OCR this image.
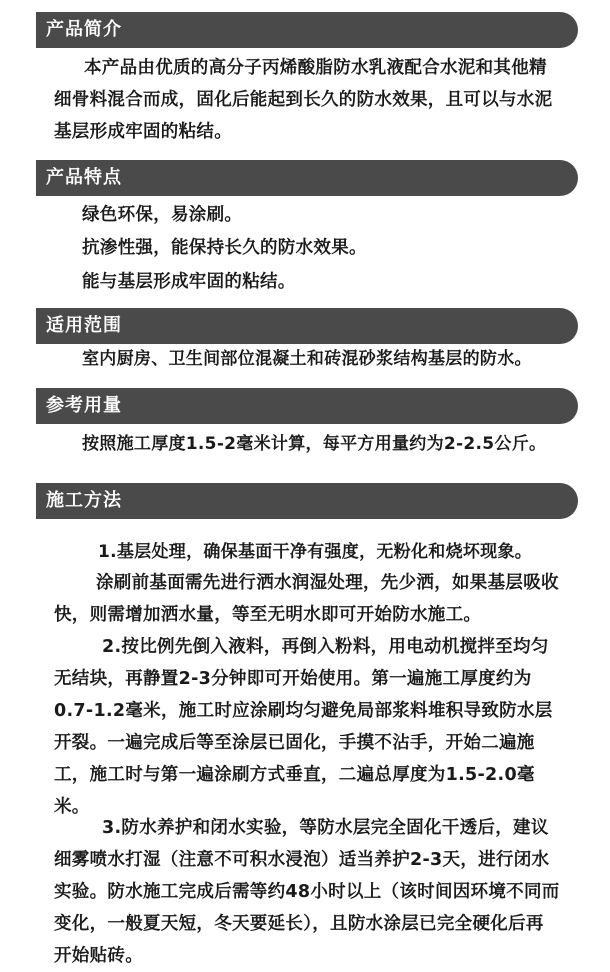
产品简介
本产品由优质的高分子丙烯酸脂防水乳液配合水泥和其他精细骨料混合而成，固化后能起到长久的防水效果，且可以与水泥基层形成牢固的粘结。
产品特点
绿色环保，易涂刷。
抗渗性强，能保持长久的防水效果。
能与基层形成牢固的粘结。
适用范围
室内厨房、卫生间部位混凝土和砖混砂浆结构基层的防水。
参考用量
按照施工厚度1.5-2毫米计算，每平方用量约为2-2.5公斤。
施工方法
1.基层处理，确保基面干净有强度，无粉化和烧坏现象。
涂刷前基面需先进行洒水润湿处理，先少洒，如果基层吸收快，则需增加洒水量，等至无明水即可开始防水施工。
2.按比例先倒入液料，再倒入粉料，用电动机搅拌至均匀无结块，再静置2-3分钟即可开始使用。第一遍施工厚度约为0.7-1.2毫米，施工时应涂刷均匀避免局部浆料堆积导致防水层开裂。一遍完成后等至涂层已固化，手摸不沾手，开始二遍施工，施工时与第一遍涂刷方式垂直，二遍总厚度为1.5-2.0毫米。
3.防水养护和闭水实验，等防水层完全固化干透后，建议细雾喷水打湿（注意不可积水浸泡）适当养护2-3天，进行闭水实验。防水施工完成后需等约48小时以上（该时间因环境不同而变化，一般夏天短，冬天要延长），且防水涂层已完全硬化后再开始贴砖。
